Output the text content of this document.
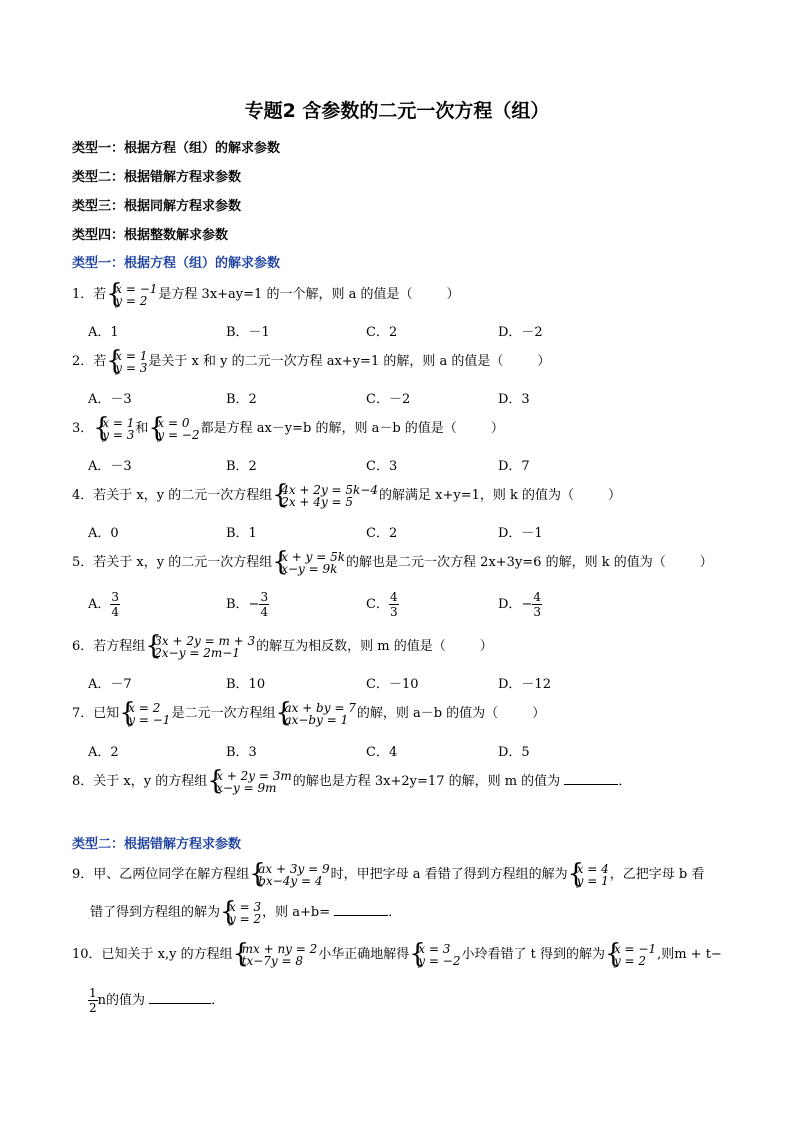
专题2 含参数的二元一次方程（组）
类型一：根据方程（组）的解求参数
类型二：根据错解方程求参数
类型三：根据同解方程求参数
类型四：根据整数解求参数
类型一：根据方程（组）的解求参数
1．若 { x = −1
y = 2 是方程 3x+ay=1 的一个解，则 a 的值是（	）
A．1	B．－1	C．2	D．－2
2．若 { x = 1
y = 3 是关于 x 和 y 的二元一次方程 ax+y=1 的解，则 a 的值是（	）
A．－3	B．2	C．－2	D．3
3． { x = 1
y = 3 和 { x = 0
y = −2 都是方程 ax－y=b 的解，则 a－b 的值是（	）
A．－3	B．2	C．3	D．7
4．若关于 x，y 的二元一次方程组 { 4x + 2y = 5k−4
2x + 4y = 5	的解满足 x+y=1，则 k 的值为（	）
A．0	B．1	C．2	D．－1
5．若关于 x，y 的二元一次方程组 { x + y = 5k
x−y = 9k 的解也是二元一次方程 2x+3y=6 的解，则 k 的值为（	）
A． $\frac{3}{4}$	B．− $\frac{3}{4}$	C． $\frac{4}{3}$	D．− $\frac{4}{3}$
6．若方程组 { 3x + 2y = m + 3
2x−y = 2m−1	的解互为相反数，则 m 的值是（	）
A．－7	B．10	C．－10	D．－12
7．已知 { x = 2
y = −1 是二元一次方程组 { ax + by = 7
ax−by = 1 的解，则 a－b 的值为（	）
A．2	B．3	C．4	D．5
8．关于 x，y 的方程组 { x + 2y = 3m
x−y = 9m	的解也是方程 3x+2y=17 的解，则 m 的值为	．
类型二：根据错解方程求参数
9．甲、乙两位同学在解方程组 { ax + 3y = 9
bx−4y = 4 时，甲把字母 a 看错了得到方程组的解为 { x = 4
y = 1 ，乙把字母 b 看
错了得到方程组的解为 { x = 3
y = 2 ，则 a+b=	．
10．已知关于 x,y 的方程组 { mx + ny = 2
tx−7y = 8	小华正确地解得 { x = 3
y = −2 小玲看错了 t 得到的解为 { x = −1
y = 2 ,则m + t−
$\frac{1}{2}$ n的值为	．
